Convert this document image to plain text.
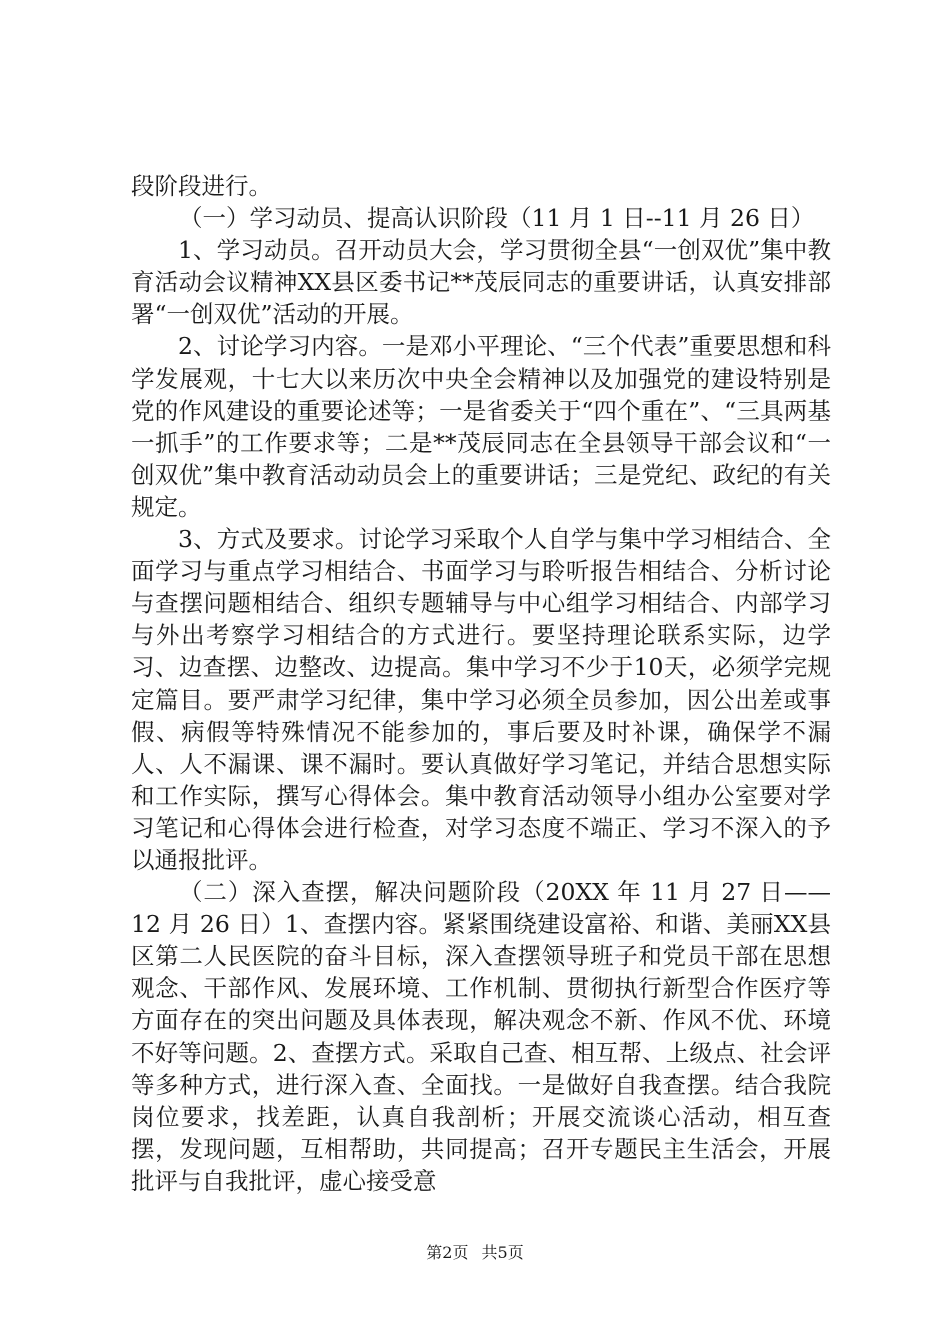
段阶段进行。

（一）学习动员、提高认识阶段（11 月 1 日--11 月 26 日）

1、学习动员。召开动员大会，学习贯彻全县“一创双优”集中教育活动会议精神XX县区委书记**茂辰同志的重要讲话，认真安排部署“一创双优”活动的开展。

2、讨论学习内容。一是邓小平理论、“三个代表”重要思想和科学发展观，十七大以来历次中央全会精神以及加强党的建设特别是党的作风建设的重要论述等；一是省委关于“四个重在”、“三具两基一抓手”的工作要求等；二是**茂辰同志在全县领导干部会议和“一创双优”集中教育活动动员会上的重要讲话；三是党纪、政纪的有关规定。

3、方式及要求。讨论学习采取个人自学与集中学习相结合、全面学习与重点学习相结合、书面学习与聆听报告相结合、分析讨论与查摆问题相结合、组织专题辅导与中心组学习相结合、内部学习与外出考察学习相结合的方式进行。要坚持理论联系实际，边学习、边查摆、边整改、边提高。集中学习不少于10天，必须学完规定篇目。要严肃学习纪律，集中学习必须全员参加，因公出差或事假、病假等特殊情况不能参加的，事后要及时补课，确保学不漏人、人不漏课、课不漏时。要认真做好学习笔记，并结合思想实际和工作实际，撰写心得体会。集中教育活动领导小组办公室要对学习笔记和心得体会进行检查，对学习态度不端正、学习不深入的予以通报批评。

（二）深入查摆，解决问题阶段（20XX 年 11 月 27 日——12 月 26 日）1、查摆内容。紧紧围绕建设富裕、和谐、美丽XX县区第二人民医院的奋斗目标，深入查摆领导班子和党员干部在思想观念、干部作风、发展环境、工作机制、贯彻执行新型合作医疗等方面存在的突出问题及具体表现，解决观念不新、作风不优、环境不好等问题。2、查摆方式。采取自己查、相互帮、上级点、社会评等多种方式，进行深入查、全面找。一是做好自我查摆。结合我院岗位要求，找差距，认真自我剖析；开展交流谈心活动，相互查摆，发现问题，互相帮助，共同提高；召开专题民主生活会，开展批评与自我批评，虚心接受意

第2页 共5页
